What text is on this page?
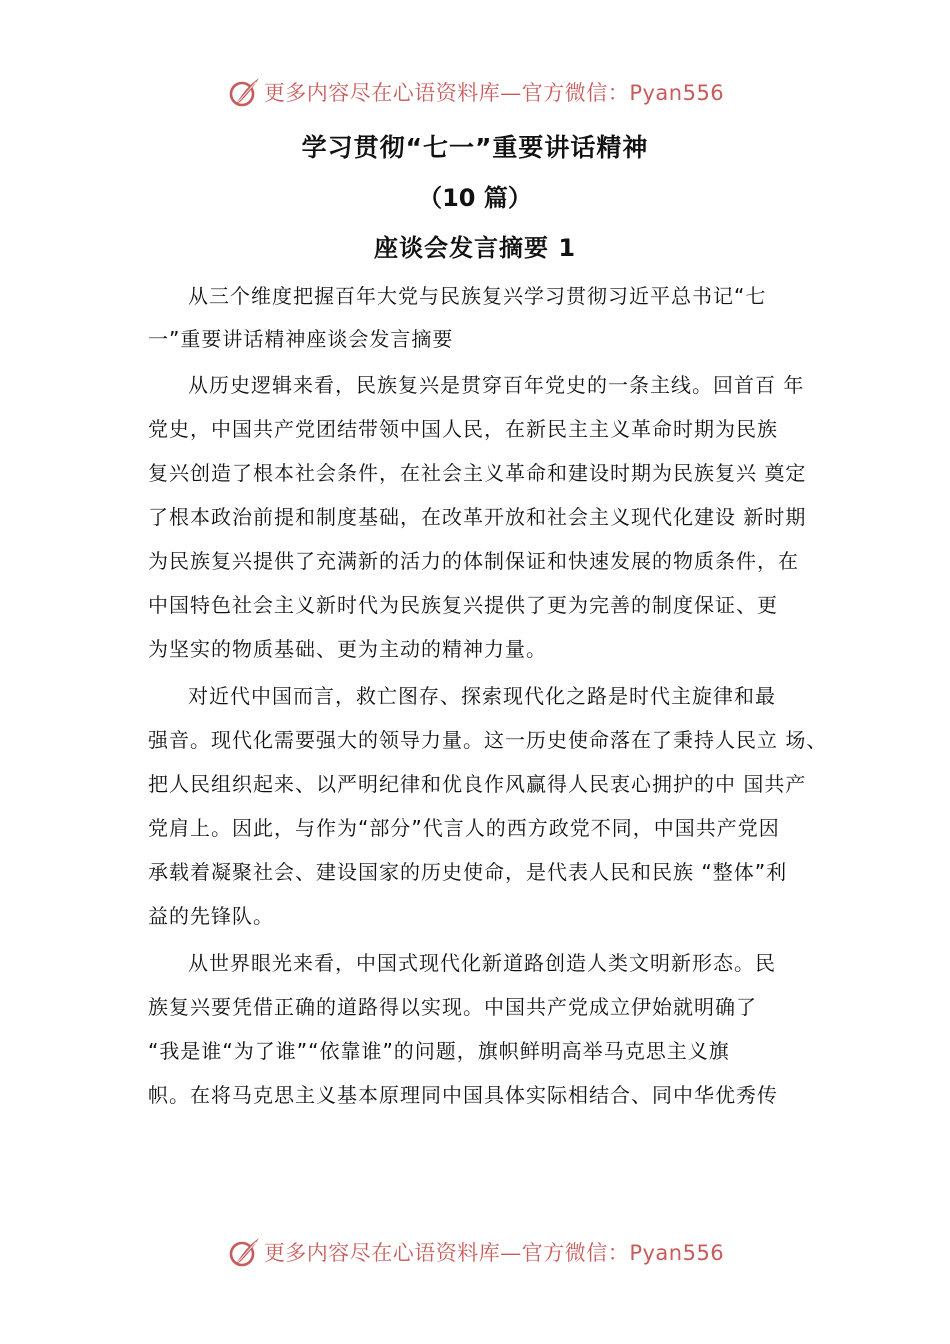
更多内容尽在心语资料库—官方微信：Pyan556
学习贯彻“七一”重要讲话精神
（10 篇）
座谈会发言摘要 1
从三个维度把握百年大党与民族复兴学习贯彻习近平总书记“七
一”重要讲话精神座谈会发言摘要
从历史逻辑来看，民族复兴是贯穿百年党史的一条主线。回首百 年
党史，中国共产党团结带领中国人民，在新民主主义革命时期为民族
复兴创造了根本社会条件，在社会主义革命和建设时期为民族复兴 奠定
了根本政治前提和制度基础，在改革开放和社会主义现代化建设 新时期
为民族复兴提供了充满新的活力的体制保证和快速发展的物质条件，在
中国特色社会主义新时代为民族复兴提供了更为完善的制度保证、更
为坚实的物质基础、更为主动的精神力量。
对近代中国而言，救亡图存、探索现代化之路是时代主旋律和最
强音。现代化需要强大的领导力量。这一历史使命落在了秉持人民立 场、
把人民组织起来、以严明纪律和优良作风赢得人民衷心拥护的中 国共产
党肩上。因此，与作为“部分”代言人的西方政党不同，中国共产党因
承载着凝聚社会、建设国家的历史使命，是代表人民和民族 “整体”利
益的先锋队。
从世界眼光来看，中国式现代化新道路创造人类文明新形态。民
族复兴要凭借正确的道路得以实现。中国共产党成立伊始就明确了
“我是谁“为了谁”“依靠谁”的问题，旗帜鲜明高举马克思主义旗
帜。在将马克思主义基本原理同中国具体实际相结合、同中华优秀传
更多内容尽在心语资料库—官方微信：Pyan556
